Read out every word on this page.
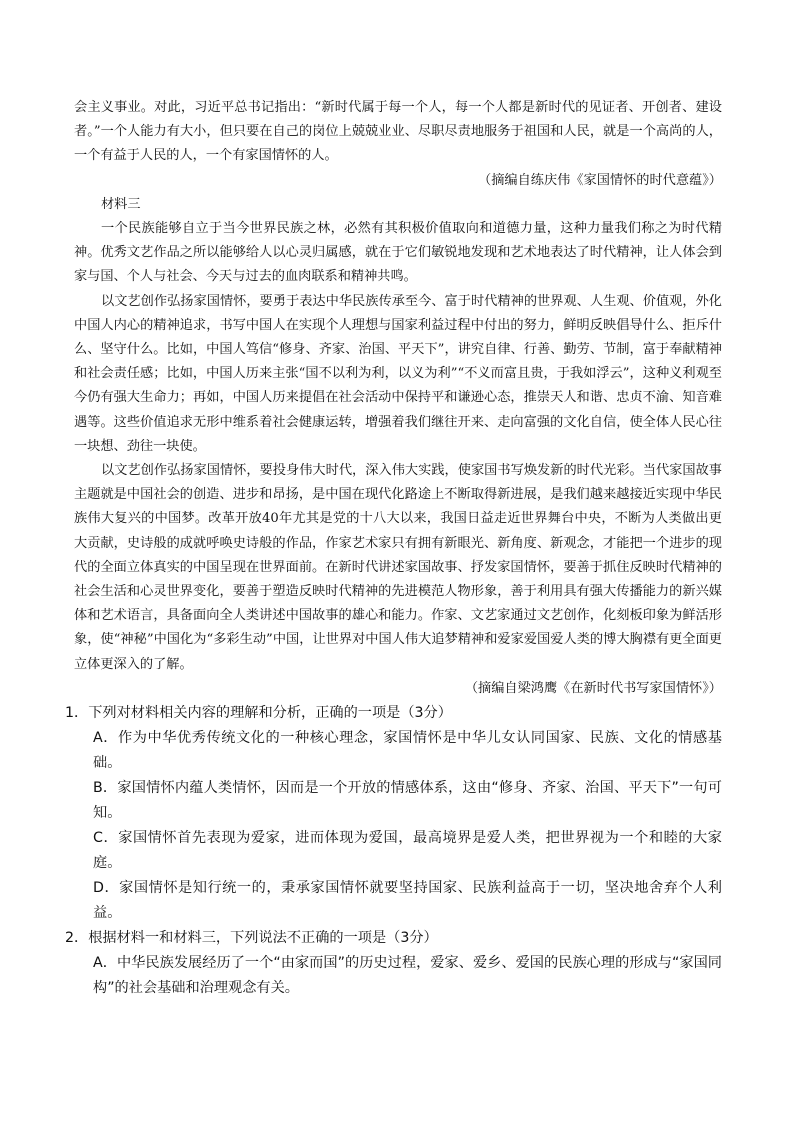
会主义事业。对此，习近平总书记指出：“新时代属于每一个人，每一个人都是新时代的见证者、开创者、建设者。”一个人能力有大小，但只要在自己的岗位上兢兢业业、尽职尽责地服务于祖国和人民，就是一个高尚的人，一个有益于人民的人，一个有家国情怀的人。

（摘编自练庆伟《家国情怀的时代意蕴》）

材料三

一个民族能够自立于当今世界民族之林，必然有其积极价值取向和道德力量，这种力量我们称之为时代精神。优秀文艺作品之所以能够给人以心灵归属感，就在于它们敏锐地发现和艺术地表达了时代精神，让人体会到家与国、个人与社会、今天与过去的血肉联系和精神共鸣。

以文艺创作弘扬家国情怀，要勇于表达中华民族传承至今、富于时代精神的世界观、人生观、价值观，外化中国人内心的精神追求，书写中国人在实现个人理想与国家利益过程中付出的努力，鲜明反映倡导什么、拒斥什么、坚守什么。比如，中国人笃信“修身、齐家、治国、平天下”，讲究自律、行善、勤劳、节制，富于奉献精神和社会责任感；比如，中国人历来主张“国不以利为利，以义为利”“不义而富且贵，于我如浮云”，这种义利观至今仍有强大生命力；再如，中国人历来提倡在社会活动中保持平和谦逊心态，推崇天人和谐、忠贞不渝、知音难遇等。这些价值追求无形中维系着社会健康运转，增强着我们继往开来、走向富强的文化自信，使全体人民心往一块想、劲往一块使。

以文艺创作弘扬家国情怀，要投身伟大时代，深入伟大实践，使家国书写焕发新的时代光彩。当代家国故事主题就是中国社会的创造、进步和昂扬，是中国在现代化路途上不断取得新进展，是我们越来越接近实现中华民族伟大复兴的中国梦。改革开放40年尤其是党的十八大以来，我国日益走近世界舞台中央，不断为人类做出更大贡献，史诗般的成就呼唤史诗般的作品，作家艺术家只有拥有新眼光、新角度、新观念，才能把一个进步的现代的全面立体真实的中国呈现在世界面前。在新时代讲述家国故事、抒发家国情怀，要善于抓住反映时代精神的社会生活和心灵世界变化，要善于塑造反映时代精神的先进模范人物形象，善于利用具有强大传播能力的新兴媒体和艺术语言，具备面向全人类讲述中国故事的雄心和能力。作家、文艺家通过文艺创作，化刻板印象为鲜活形象，使“神秘”中国化为“多彩生动”中国，让世界对中国人伟大追梦精神和爱家爱国爱人类的博大胸襟有更全面更立体更深入的了解。

（摘编自梁鸿鹰《在新时代书写家国情怀》）

1．下列对材料相关内容的理解和分析，正确的一项是（3分）

A．作为中华优秀传统文化的一种核心理念，家国情怀是中华儿女认同国家、民族、文化的情感基础。

B．家国情怀内蕴人类情怀，因而是一个开放的情感体系，这由“修身、齐家、治国、平天下”一句可知。

C．家国情怀首先表现为爱家，进而体现为爱国，最高境界是爱人类，把世界视为一个和睦的大家庭。

D．家国情怀是知行统一的，秉承家国情怀就要坚持国家、民族利益高于一切，坚决地舍弃个人利益。

2．根据材料一和材料三，下列说法不正确的一项是（3分）

A．中华民族发展经历了一个“由家而国”的历史过程，爱家、爱乡、爱国的民族心理的形成与“家国同构”的社会基础和治理观念有关。
